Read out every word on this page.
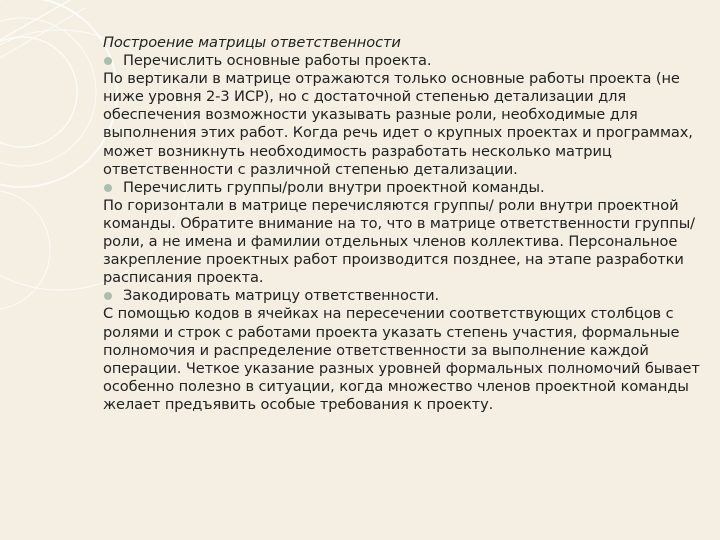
Построение матрицы ответственности

Перечислить основные работы проекта.

По вертикали в матрице отражаются только основные работы проекта (не ниже уровня 2-3 ИСР), но с достаточной степенью детализации для обеспечения возможности указывать разные роли, необходимые для выполнения этих работ. Когда речь идет о крупных проектах и программах, может возникнуть необходимость разработать несколько матриц ответственности с различной степенью детализации.

Перечислить группы/роли внутри проектной команды.

По горизонтали в матрице перечисляются группы/ роли внутри проектной команды. Обратите внимание на то, что в матрице ответственности группы/роли, а не имена и фамилии отдельных членов коллектива. Персональное закрепление проектных работ производится позднее, на этапе разработки расписания проекта.

Закодировать матрицу ответственности.

С помощью кодов в ячейках на пересечении соответствующих столбцов с ролями и строк с работами проекта указать степень участия, формальные полномочия и распределение ответственности за выполнение каждой операции. Четкое указание разных уровней формальных полномочий бывает особенно полезно в ситуации, когда множество членов проектной команды желает предъявить особые требования к проекту.
